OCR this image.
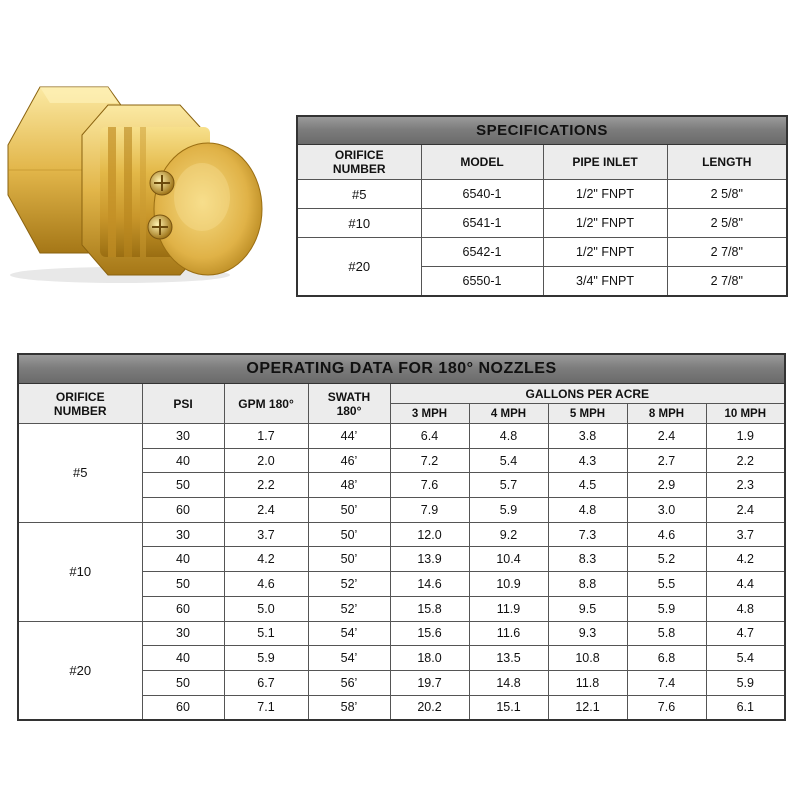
SPECIFICATIONS			
ORIFICE NUMBER	MODEL	PIPE INLET	LENGTH
#5	6540-1	1/2" FNPT	2 5/8"
#10	6541-1	1/2" FNPT	2 5/8"
#20	6542-1	1/2" FNPT	2 7/8"
	6550-1	3/4" FNPT	2 7/8"
OPERATING DATA FOR 180° NOZZLES								
ORIFICE NUMBER	PSI	GPM 180°	SWATH 180°	GALLONS PER ACRE				
				3 MPH	4 MPH	5 MPH	8 MPH	10 MPH
#5	30	1.7	44’	6.4	4.8	3.8	2.4	1.9
	40	2.0	46’	7.2	5.4	4.3	2.7	2.2
	50	2.2	48’	7.6	5.7	4.5	2.9	2.3
	60	2.4	50’	7.9	5.9	4.8	3.0	2.4
#10	30	3.7	50’	12.0	9.2	7.3	4.6	3.7
	40	4.2	50’	13.9	10.4	8.3	5.2	4.2
	50	4.6	52’	14.6	10.9	8.8	5.5	4.4
	60	5.0	52’	15.8	11.9	9.5	5.9	4.8
#20	30	5.1	54’	15.6	11.6	9.3	5.8	4.7
	40	5.9	54’	18.0	13.5	10.8	6.8	5.4
	50	6.7	56’	19.7	14.8	11.8	7.4	5.9
	60	7.1	58’	20.2	15.1	12.1	7.6	6.1
